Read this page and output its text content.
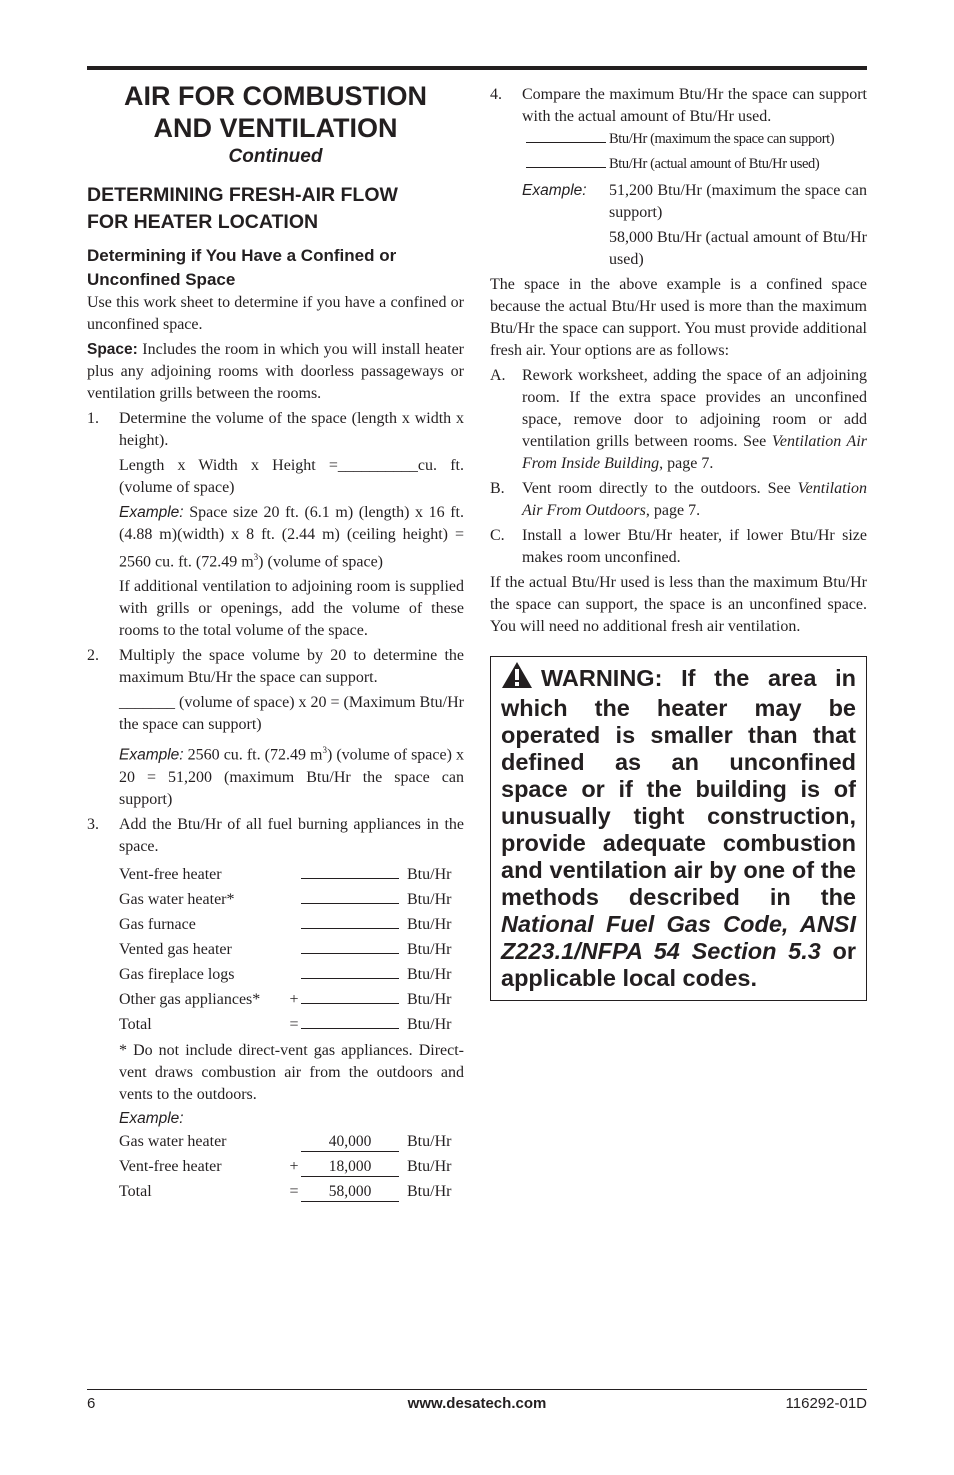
AIR FOR COMBUSTION
AND VENTILATION

Continued

DETERMINING FRESH-AIR FLOW
FOR HEATER LOCATION
Determining if You Have a Confined or
Unconfined Space

Use this work sheet to determine if you have a confined or unconfined space.

Space: Includes the room in which you will install heater plus any adjoining rooms with doorless passageways or ventilation grills between the rooms.

1. Determine the volume of the space (length x width x height).

Length x Width x Height =__________cu. ft. (volume of space)

Example: Space size 20 ft. (6.1 m) (length) x 16 ft. (4.88 m)(width) x 8 ft. (2.44 m) (ceiling height) = 2560 cu. ft. (72.49 $m^3$) (volume of space)

If additional ventilation to adjoining room is supplied with grills or openings, add the volume of these rooms to the total volume of the space.

2. Multiply the space volume by 20 to determine the maximum Btu/Hr the space can support.

_______ (volume of space) x 20 = (Maximum Btu/Hr the space can support)

Example: 2560 cu. ft. (72.49 $m^3$) (volume of space) x 20 = 51,200 (maximum Btu/Hr the space can support)

3. Add the Btu/Hr of all fuel burning appliances in the space.
Vent-free heater	Btu/Hr
Gas water heater*	Btu/Hr
Gas furnace	Btu/Hr
Vented gas heater	Btu/Hr
Gas fireplace logs	Btu/Hr
Other gas appliances*	+	Btu/Hr
Total	=	Btu/Hr

* Do not include direct-vent gas appliances. Direct-vent draws combustion air from the outdoors and vents to the outdoors.

Example:

Gas water heater	40,000	Btu/Hr
Vent-free heater	+	18,000	Btu/Hr
Total	=	58,000	Btu/Hr
4. Compare the maximum Btu/Hr the space can support with the actual amount of Btu/Hr used.
Btu/Hr (maximum the space can support)
Btu/Hr (actual amount of Btu/Hr used)
Example:	51,200 Btu/Hr (maximum the space can support)
58,000 Btu/Hr (actual amount of Btu/Hr used)

The space in the above example is a confined space because the actual Btu/Hr used is more than the maximum Btu/Hr the space can support. You must provide additional fresh air. Your options are as follows:

A. Rework worksheet, adding the space of an adjoining room. If the extra space provides an unconfined space, remove door to adjoining room or add ventilation grills between rooms. See Ventilation Air From Inside Building, page 7.
B. Vent room directly to the outdoors. See Ventilation Air From Outdoors, page 7.
C. Install a lower Btu/Hr heater, if lower Btu/Hr size makes room unconfined.

If the actual Btu/Hr used is less than the maximum Btu/Hr the space can support, the space is an unconfined space. You will need no additional fresh air ventilation.

WARNING: If the area in which the heater may be operated is smaller than that defined as an unconfined space or if the building is of unusually tight construction, provide adequate combustion and ventilation air by one of the methods described in the National Fuel Gas Code, ANSI Z223.1/NFPA 54 Section 5.3 or applicable local codes.
6	www.desatech.com	116292-01D
